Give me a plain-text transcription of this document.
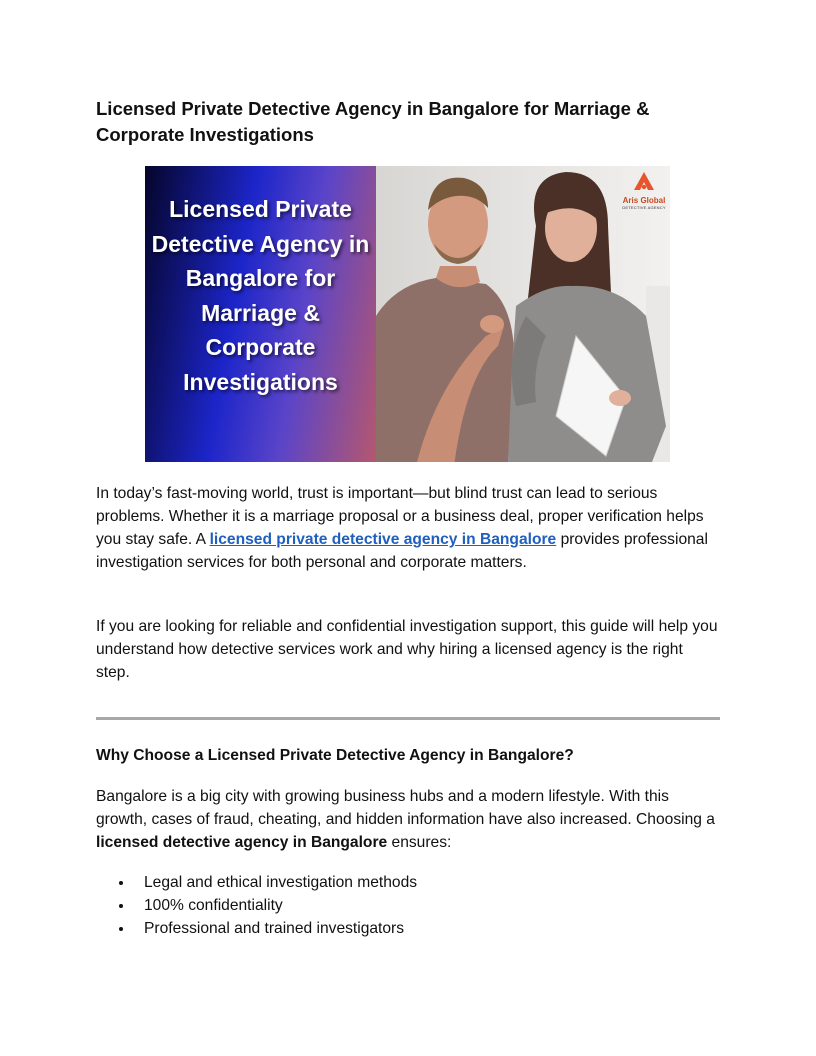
Licensed Private Detective Agency in Bangalore for Marriage & Corporate Investigations
Licensed Private Detective Agency in Bangalore for Marriage & Corporate Investigations
Aris Global
DETECTIVE AGENCY

In today’s fast-moving world, trust is important—but blind trust can lead to serious problems. Whether it is a marriage proposal or a business deal, proper verification helps you stay safe. A licensed private detective agency in Bangalore provides professional investigation services for both personal and corporate matters.

If you are looking for reliable and confidential investigation support, this guide will help you understand how detective services work and why hiring a licensed agency is the right step.

Why Choose a Licensed Private Detective Agency in Bangalore?

Bangalore is a big city with growing business hubs and a modern lifestyle. With this growth, cases of fraud, cheating, and hidden information have also increased. Choosing a licensed detective agency in Bangalore ensures:

Legal and ethical investigation methods
100% confidentiality
Professional and trained investigators
